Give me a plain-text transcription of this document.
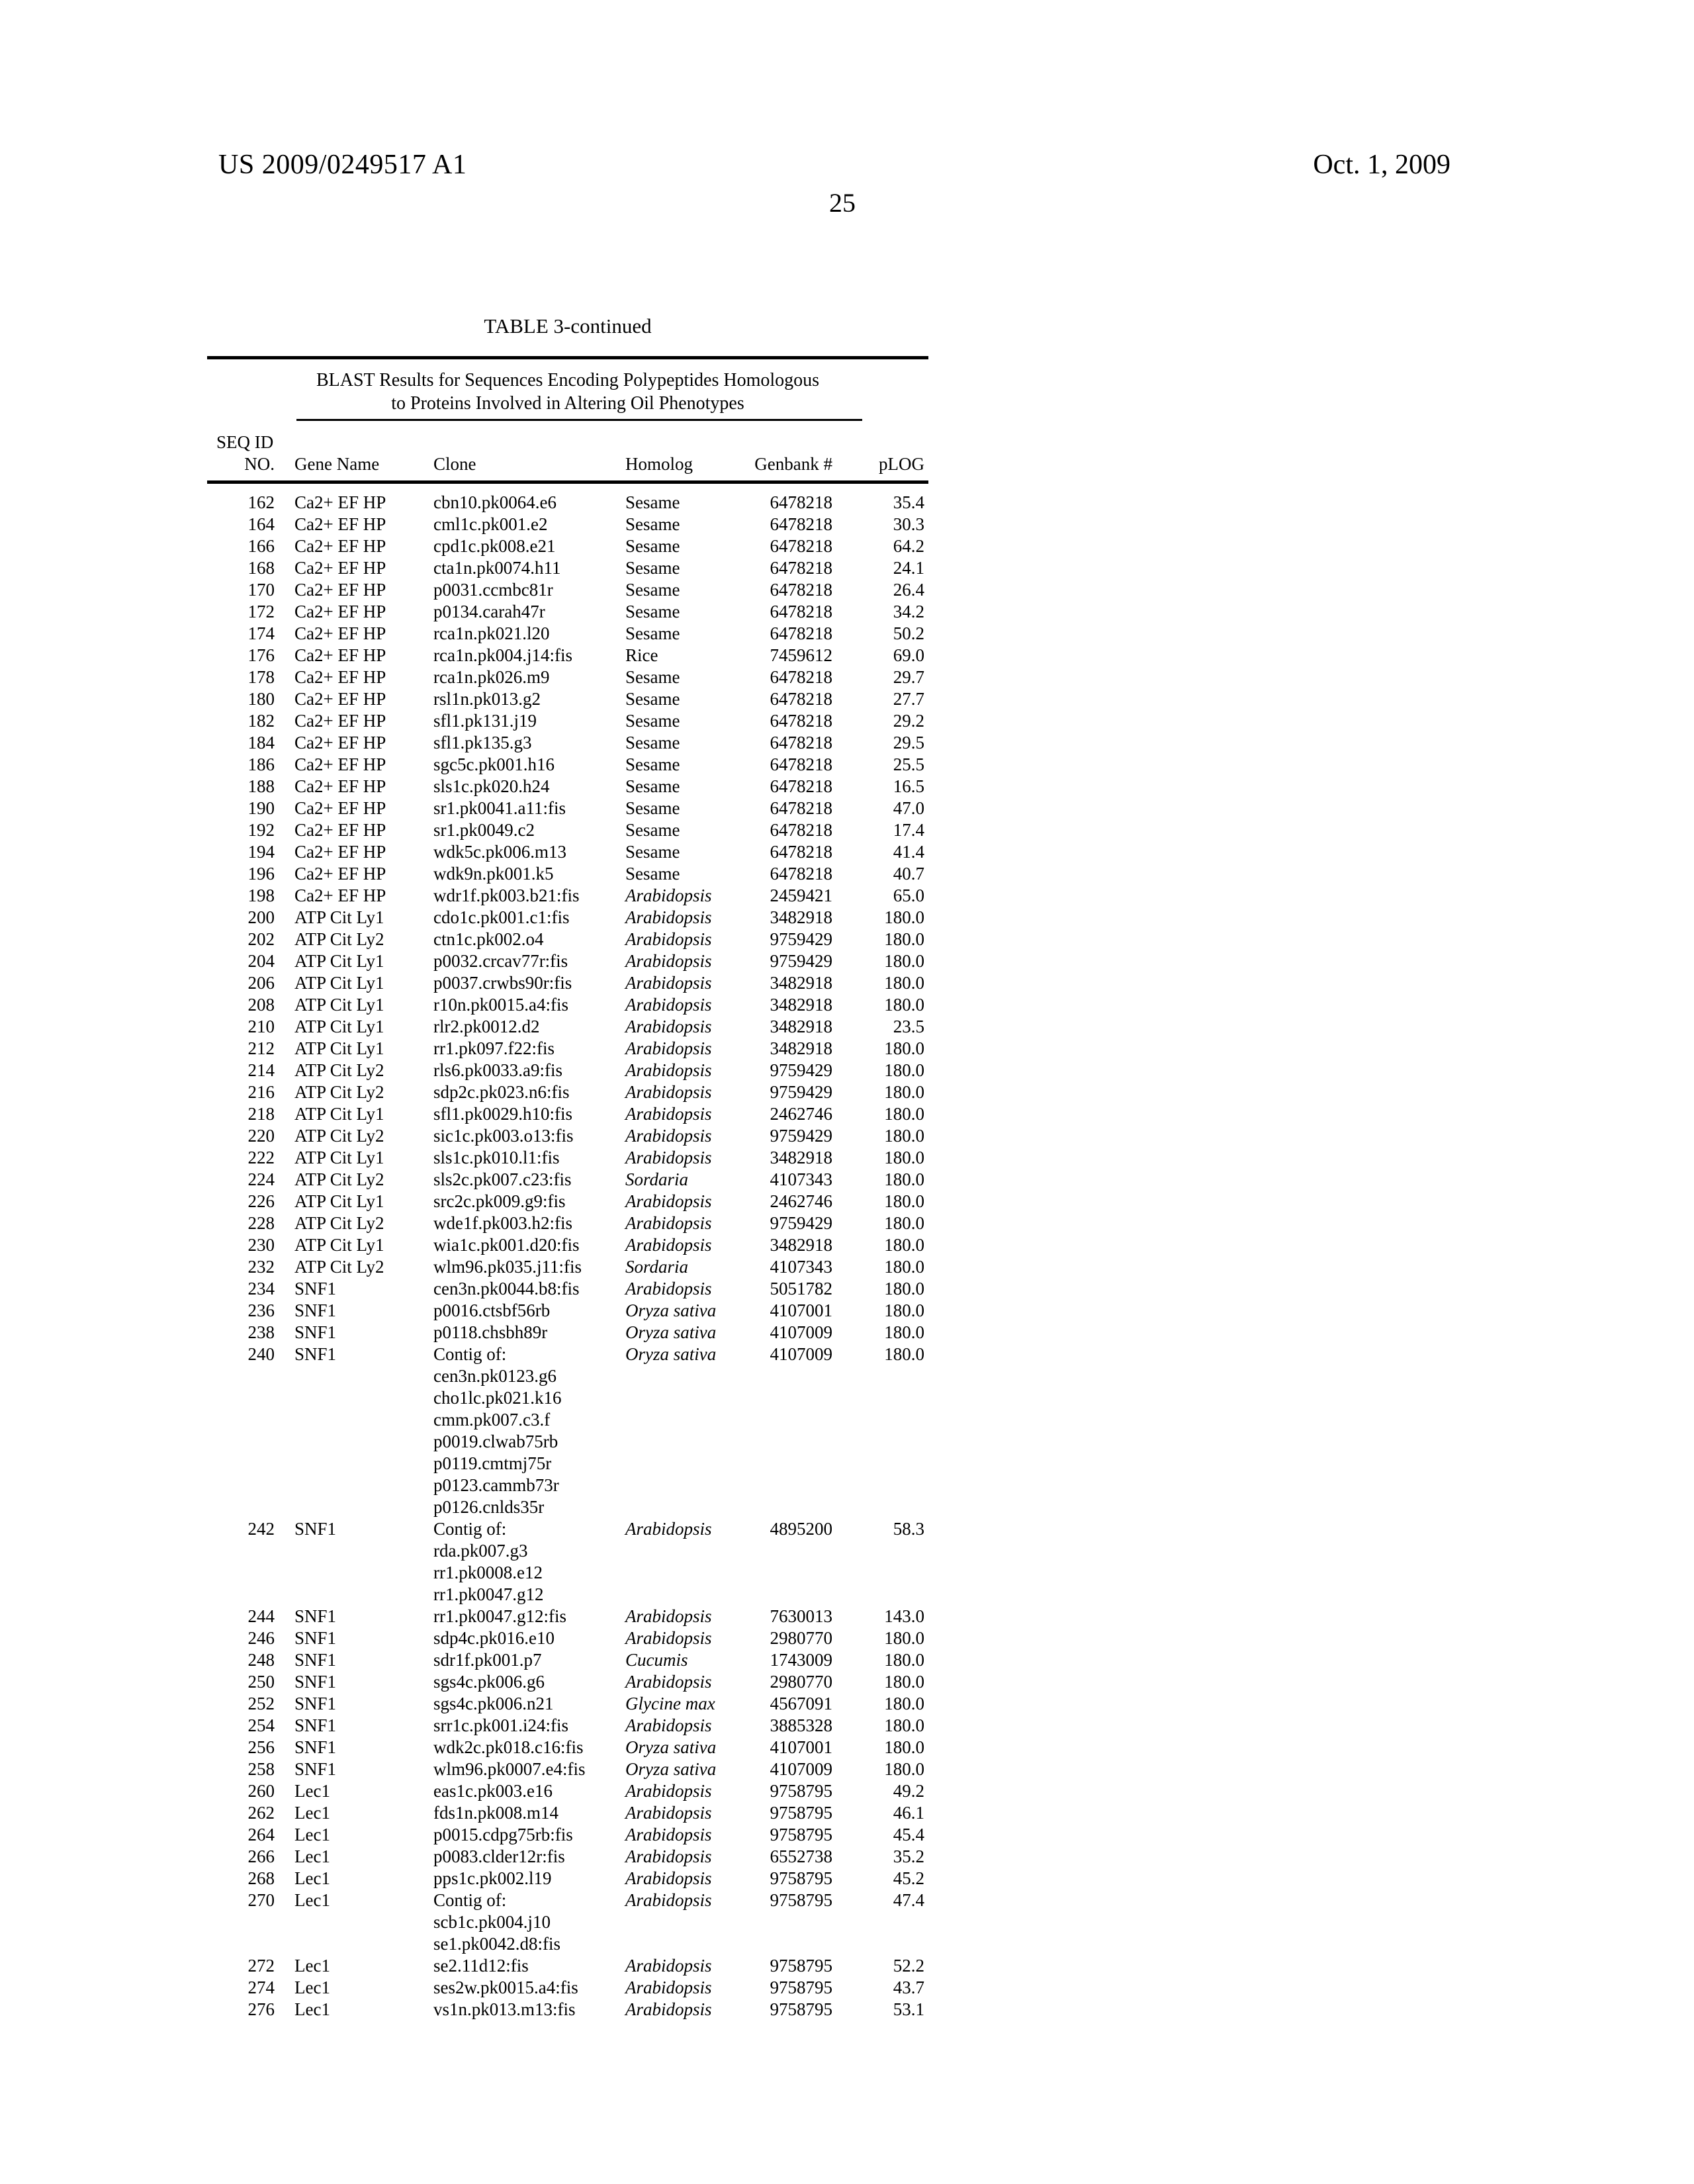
US 2009/0249517 A1	Oct. 1, 2009
25
TABLE 3-continued
BLAST Results for Sequences Encoding Polypeptides Homologous
to Proteins Involved in Altering Oil Phenotypes
SEQ ID
NO.	Gene Name	Clone	Homolog	Genbank #	pLOG
162	Ca2+ EF HP	cbn10.pk0064.e6	Sesame	6478218	35.4
164	Ca2+ EF HP	cml1c.pk001.e2	Sesame	6478218	30.3
166	Ca2+ EF HP	cpd1c.pk008.e21	Sesame	6478218	64.2
168	Ca2+ EF HP	cta1n.pk0074.h11	Sesame	6478218	24.1
170	Ca2+ EF HP	p0031.ccmbc81r	Sesame	6478218	26.4
172	Ca2+ EF HP	p0134.carah47r	Sesame	6478218	34.2
174	Ca2+ EF HP	rca1n.pk021.l20	Sesame	6478218	50.2
176	Ca2+ EF HP	rca1n.pk004.j14:fis	Rice	7459612	69.0
178	Ca2+ EF HP	rca1n.pk026.m9	Sesame	6478218	29.7
180	Ca2+ EF HP	rsl1n.pk013.g2	Sesame	6478218	27.7
182	Ca2+ EF HP	sfl1.pk131.j19	Sesame	6478218	29.2
184	Ca2+ EF HP	sfl1.pk135.g3	Sesame	6478218	29.5
186	Ca2+ EF HP	sgc5c.pk001.h16	Sesame	6478218	25.5
188	Ca2+ EF HP	sls1c.pk020.h24	Sesame	6478218	16.5
190	Ca2+ EF HP	sr1.pk0041.a11:fis	Sesame	6478218	47.0
192	Ca2+ EF HP	sr1.pk0049.c2	Sesame	6478218	17.4
194	Ca2+ EF HP	wdk5c.pk006.m13	Sesame	6478218	41.4
196	Ca2+ EF HP	wdk9n.pk001.k5	Sesame	6478218	40.7
198	Ca2+ EF HP	wdr1f.pk003.b21:fis	Arabidopsis	2459421	65.0
200	ATP Cit Ly1	cdo1c.pk001.c1:fis	Arabidopsis	3482918	180.0
202	ATP Cit Ly2	ctn1c.pk002.o4	Arabidopsis	9759429	180.0
204	ATP Cit Ly1	p0032.crcav77r:fis	Arabidopsis	9759429	180.0
206	ATP Cit Ly1	p0037.crwbs90r:fis	Arabidopsis	3482918	180.0
208	ATP Cit Ly1	r10n.pk0015.a4:fis	Arabidopsis	3482918	180.0
210	ATP Cit Ly1	rlr2.pk0012.d2	Arabidopsis	3482918	23.5
212	ATP Cit Ly1	rr1.pk097.f22:fis	Arabidopsis	3482918	180.0
214	ATP Cit Ly2	rls6.pk0033.a9:fis	Arabidopsis	9759429	180.0
216	ATP Cit Ly2	sdp2c.pk023.n6:fis	Arabidopsis	9759429	180.0
218	ATP Cit Ly1	sfl1.pk0029.h10:fis	Arabidopsis	2462746	180.0
220	ATP Cit Ly2	sic1c.pk003.o13:fis	Arabidopsis	9759429	180.0
222	ATP Cit Ly1	sls1c.pk010.l1:fis	Arabidopsis	3482918	180.0
224	ATP Cit Ly2	sls2c.pk007.c23:fis	Sordaria	4107343	180.0
226	ATP Cit Ly1	src2c.pk009.g9:fis	Arabidopsis	2462746	180.0
228	ATP Cit Ly2	wde1f.pk003.h2:fis	Arabidopsis	9759429	180.0
230	ATP Cit Ly1	wia1c.pk001.d20:fis	Arabidopsis	3482918	180.0
232	ATP Cit Ly2	wlm96.pk035.j11:fis	Sordaria	4107343	180.0
234	SNF1	cen3n.pk0044.b8:fis	Arabidopsis	5051782	180.0
236	SNF1	p0016.ctsbf56rb	Oryza sativa	4107001	180.0
238	SNF1	p0118.chsbh89r	Oryza sativa	4107009	180.0
240	SNF1	Contig of:
cen3n.pk0123.g6
cho1lc.pk021.k16
cmm.pk007.c3.f
p0019.clwab75rb
p0119.cmtmj75r
p0123.cammb73r
p0126.cnlds35r
Oryza sativa	4107009	180.0
242	SNF1	Contig of:
rda.pk007.g3
rr1.pk0008.e12
rr1.pk0047.g12
Arabidopsis	4895200	58.3
244	SNF1	rr1.pk0047.g12:fis	Arabidopsis	7630013	143.0
246	SNF1	sdp4c.pk016.e10	Arabidopsis	2980770	180.0
248	SNF1	sdr1f.pk001.p7	Cucumis	1743009	180.0
250	SNF1	sgs4c.pk006.g6	Arabidopsis	2980770	180.0
252	SNF1	sgs4c.pk006.n21	Glycine max	4567091	180.0
254	SNF1	srr1c.pk001.i24:fis	Arabidopsis	3885328	180.0
256	SNF1	wdk2c.pk018.c16:fis	Oryza sativa	4107001	180.0
258	SNF1	wlm96.pk0007.e4:fis	Oryza sativa	4107009	180.0
260	Lec1	eas1c.pk003.e16	Arabidopsis	9758795	49.2
262	Lec1	fds1n.pk008.m14	Arabidopsis	9758795	46.1
264	Lec1	p0015.cdpg75rb:fis	Arabidopsis	9758795	45.4
266	Lec1	p0083.clder12r:fis	Arabidopsis	6552738	35.2
268	Lec1	pps1c.pk002.l19	Arabidopsis	9758795	45.2
270	Lec1	Contig of:
scb1c.pk004.j10
se1.pk0042.d8:fis
Arabidopsis	9758795	47.4
272	Lec1	se2.11d12:fis	Arabidopsis	9758795	52.2
274	Lec1	ses2w.pk0015.a4:fis	Arabidopsis	9758795	43.7
276	Lec1	vs1n.pk013.m13:fis	Arabidopsis	9758795	53.1
